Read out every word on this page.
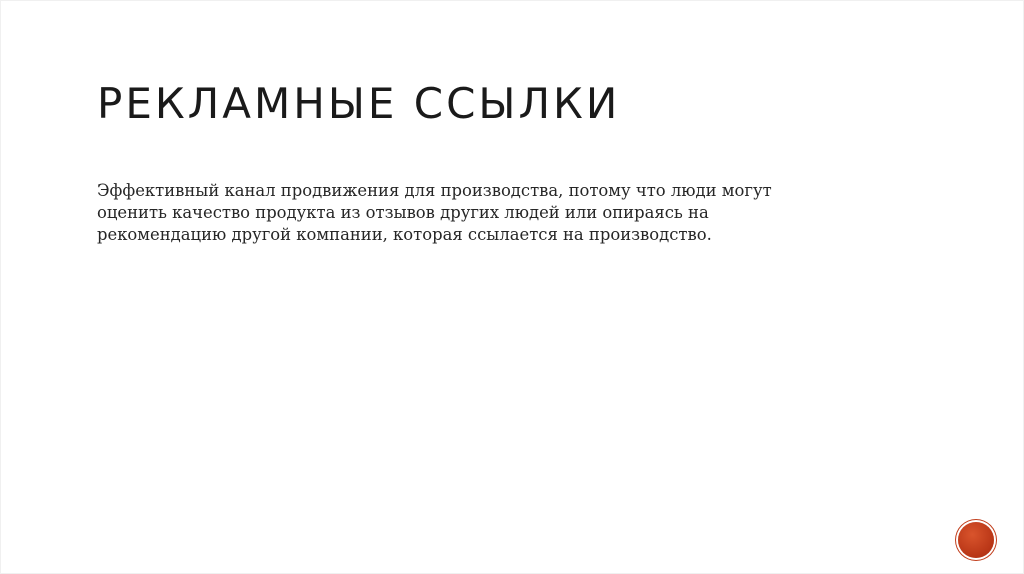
РЕКЛАМНЫЕ ССЫЛКИ

Эффективный канал продвижения для производства, потому что люди могут
оценить качество продукта из отзывов других людей или опираясь на
рекомендацию другой компании, которая ссылается на производство.
